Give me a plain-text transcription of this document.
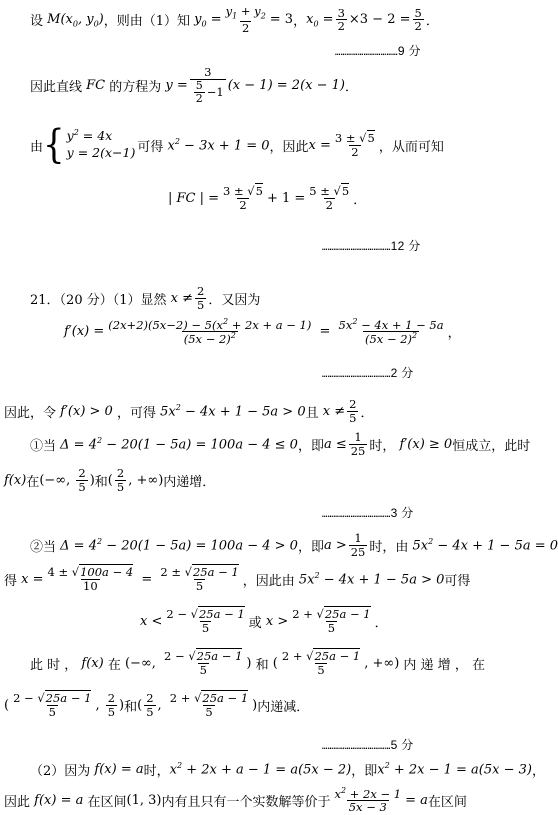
设 $M(x_0$, $y_0$) ，则由（1）知 $y_0 = \frac{y_1 + y_2}{2} = 3$ ， $x_0 = \frac{3}{2} \times 3 - 2 = \frac{5}{2}$ ．
……………………………9 分
因此直线 FC 的方程为 $y = \frac{3}{\frac{5}{2} -1} (x - 1) = 2(x - 1)$ ．
由 { $y^2 = 4x$
y = 2(x−1) 可得 $x^2 - 3x + 1 = 0$ ，因此 $x = \frac{3 \pm √5}{2}$ ，从而可知
| FC | = $\frac{3 \pm √5}{2} + 1 = \frac{5 \pm √5}{2}$ ．
………………………………12 分
21．（20 分）（1）显然 $x \ne \frac{2}{5}$ ．又因为
$f'(x) = \frac{(2x+2)(5x-2) - 5(x^2 + 2x + a - 1)}{(5x - 2)^2} = \frac{5x^2 - 4x + 1 - 5a}{(5x - 2)^2}$ ，
………………………………2 分
因此，令 f′(x) > 0 ，可得 $5x^2 - 4x + 1 - 5a > 0$ 且 $x \ne \frac{2}{5}$ ．
①当 $\Delta = 4^2 - 20(1 - 5a) = 100a - 4 \le 0$ ，即 $a \le \frac{1}{25}$ 时， f′(x) ≥ 0 恒成立，此时
f(x) 在 (−∞, $\frac{2}{5}$ ) 和 ( $\frac{2}{5}$ , +∞) 内递增．
………………………………3 分
②当 $\Delta = 4^2 - 20(1 - 5a) = 100a - 4 > 0$ ，即 $a > \frac{1}{25}$ 时，由 $5x^2 - 4x + 1 - 5a = 0$
得 $x = \frac{4 \pm √100a - 4}{10} = \frac{2 \pm √25a - 1}{5}$ ，因此由 $5x^2 - 4x + 1 - 5a > 0$ 可得
$x < \frac{2 - √25a - 1}{5}$ 或 $x > \frac{2 + √25a - 1}{5}$ ．
此 时 ， f(x) 在 (−∞, $\frac{2 - √25a - 1}{5}$ ) 和 ( $\frac{2 + √25a - 1}{5}$ , +∞) 内 递 增 ， 在
( $\frac{2 - √25a - 1}{5}$ , $\frac{2}{5}$ ) 和 ( $\frac{2}{5}$ , $\frac{2 + √25a - 1}{5}$ ) 内递减．
………………………………5 分
（2）因为 f(x) = a 时， $x^2 + 2x + a - 1 = a(5x - 2)$ ，即 $x^2 + 2x - 1 = a(5x - 3)$ ，
因此 f(x) = a 在区间 (1, 3) 内有且只有一个实数解等价于 $\frac{x^2 + 2x - 1}{5x - 3} = a$ 在区间
